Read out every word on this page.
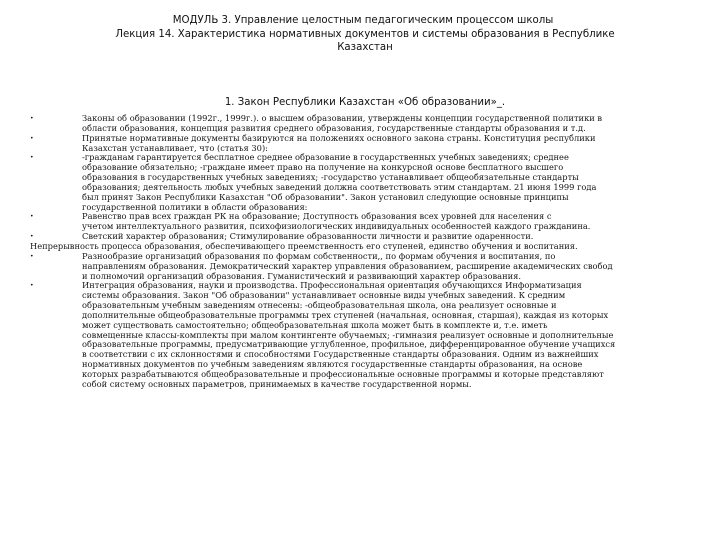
МОДУЛЬ 3. Управление целостным педагогическим процессом школы
Лекция 14. Характеристика нормативных документов и системы образования в Республике
Казахстан
1. Закон Республики Казахстан «Об образовании»_.
•	Законы об образовании (1992г., 1999г.). о высшем образовании, утверждены концепции государственной политики в
области образования, концепция развития среднего образования, государственные стандарты образования и т.д.
•	Принятые нормативные документы базируются на положениях основного закона страны. Конституция республики
Казахстан устанавливает, что (статья 30):
•	-гражданам гарантируется бесплатное среднее образование в государственных учебных заведениях; среднее
образование обязательно; -граждане имеет право на получение на конкурсной основе бесплатного высшего
образования в государственных учебных заведениях; -государство устанавливает общеобязательные стандарты
образования; деятельность любых учебных заведений должна соответствовать этим стандартам. 21 июня 1999 года
был принят Закон Республики Казахстан "Об образовании". Закон установил следующие основные принципы
государственной политики в области образования:
•	Равенство прав всех граждан РК на образование; Доступность образования всех уровней для населения с
учетом интеллектуального развития, психофизиологических индивидуальных особенностей каждого гражданина.
•	Светский характер образования; Стимулирование образованности личности и развитие одаренности.
Непрерывность процесса образования, обеспечивающего преемственность его ступеней, единство обучения и воспитания.
•	Разнообразие организаций образования по формам собственности,, по формам обучения и воспитания, по
направлениям образования. Демократический характер управления образованием, расширение академических свобод
и полномочий организаций образования. Гуманистический и развивающий характер образования.
•	Интеграция образования, науки и производства. Профессиональная ориентация обучающихся Информатизация
системы образования. Закон "Об образовании" устанавливает основные виды учебных заведений. К средним
образовательным учебным заведениям отнесены: -общеобразовательная школа, она реализует основные и
дополнительные общеобразовательные программы трех ступеней (начальная, основная, старшая), каждая из которых
может существовать самостоятельно; общеобразовательная школа может быть в комплекте и, т.е. иметь
совмещенные классы-комплекты при малом контингенте обучаемых; -гимназия реализует основные и дополнительные
образовательные программы, предусматривающие углубленное, профильное, дифференцированное обучение учащихся
в соответствии с их склонностями и способностями Государственные стандарты образования. Одним из важнейших
нормативных документов по учебным заведениям являются государственные стандарты образования, на основе
которых разрабатываются общеобразовательные и профессиональные основные программы и которые представляют
собой систему основных параметров, принимаемых в качестве государственной нормы.
